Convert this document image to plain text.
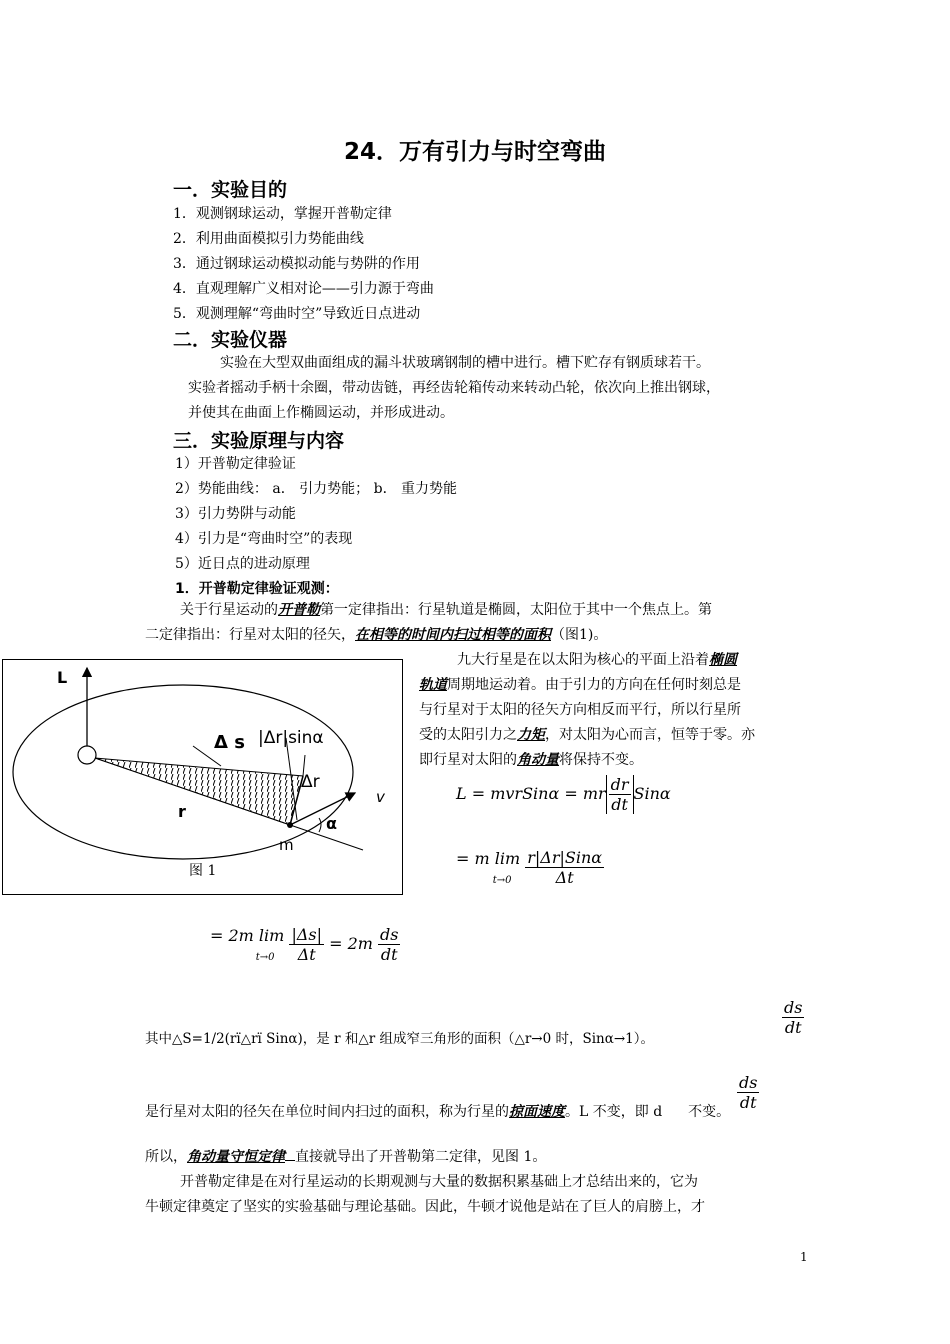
24．万有引力与时空弯曲
一．实验目的
1．观测钢球运动，掌握开普勒定律
2．利用曲面模拟引力势能曲线
3．通过钢球运动模拟动能与势阱的作用
4．直观理解广义相对论——引力源于弯曲
5．观测理解“弯曲时空”导致近日点进动
二．实验仪器
实验在大型双曲面组成的漏斗状玻璃钢制的槽中进行。槽下贮存有钢质球若干。
实验者摇动手柄十余圈，带动齿链，再经齿轮箱传动来转动凸轮，依次向上推出钢球，
并使其在曲面上作椭圆运动，并形成进动。
三．实验原理与内容
1）开普勒定律验证
2）势能曲线： a． 引力势能； b． 重力势能
3）引力势阱与动能
4）引力是“弯曲时空”的表现
5）近日点的进动原理
1．开普勒定律验证观测：
关于行星运动的开普勒第一定律指出：行星轨道是椭圆，太阳位于其中一个焦点上。第
二定律指出：行星对太阳的径矢，在相等的时间内扫过相等的面积（图1)。
L
Δ s |Δr|sinα
Δr
v
r
α
m
图 1
九大行星是在以太阳为核心的平面上沿着椭圆
轨道周期地运动着。由于引力的方向在任何时刻总是
与行星对于太阳的径矢方向相反而平行，所以行星所
受的太阳引力之力矩，对太阳为心而言，恒等于零。亦
即行星对太阳的角动量将保持不变。
L = mvrSinα = mr $\frac{dr}{dt}$ Sinα
= m lim
$t\to 0 \frac{\text{r|Δr|Sinα}}{\Delta t}$
= 2m lim
$t\to 0 \frac{|\Delta s|}{\Delta t} = 2m \frac{ds}{dt}$
$\frac{ds}{dt}$
其中△S=1/2(rï△rï Sinα)，是 r 和△r 组成窄三角形的面积（△r→0 时，Sinα→1）。
$\frac{ds}{dt}$
是行星对太阳的径矢在单位时间内扫过的面积，称为行星的掠面速度。L 不变，即 d 不变。
所以，角动量守恒定律 直接就导出了开普勒第二定律，见图 1。
开普勒定律是在对行星运动的长期观测与大量的数据积累基础上才总结出来的，它为
牛顿定律奠定了坚实的实验基础与理论基础。因此，牛顿才说他是站在了巨人的肩膀上，才
1
